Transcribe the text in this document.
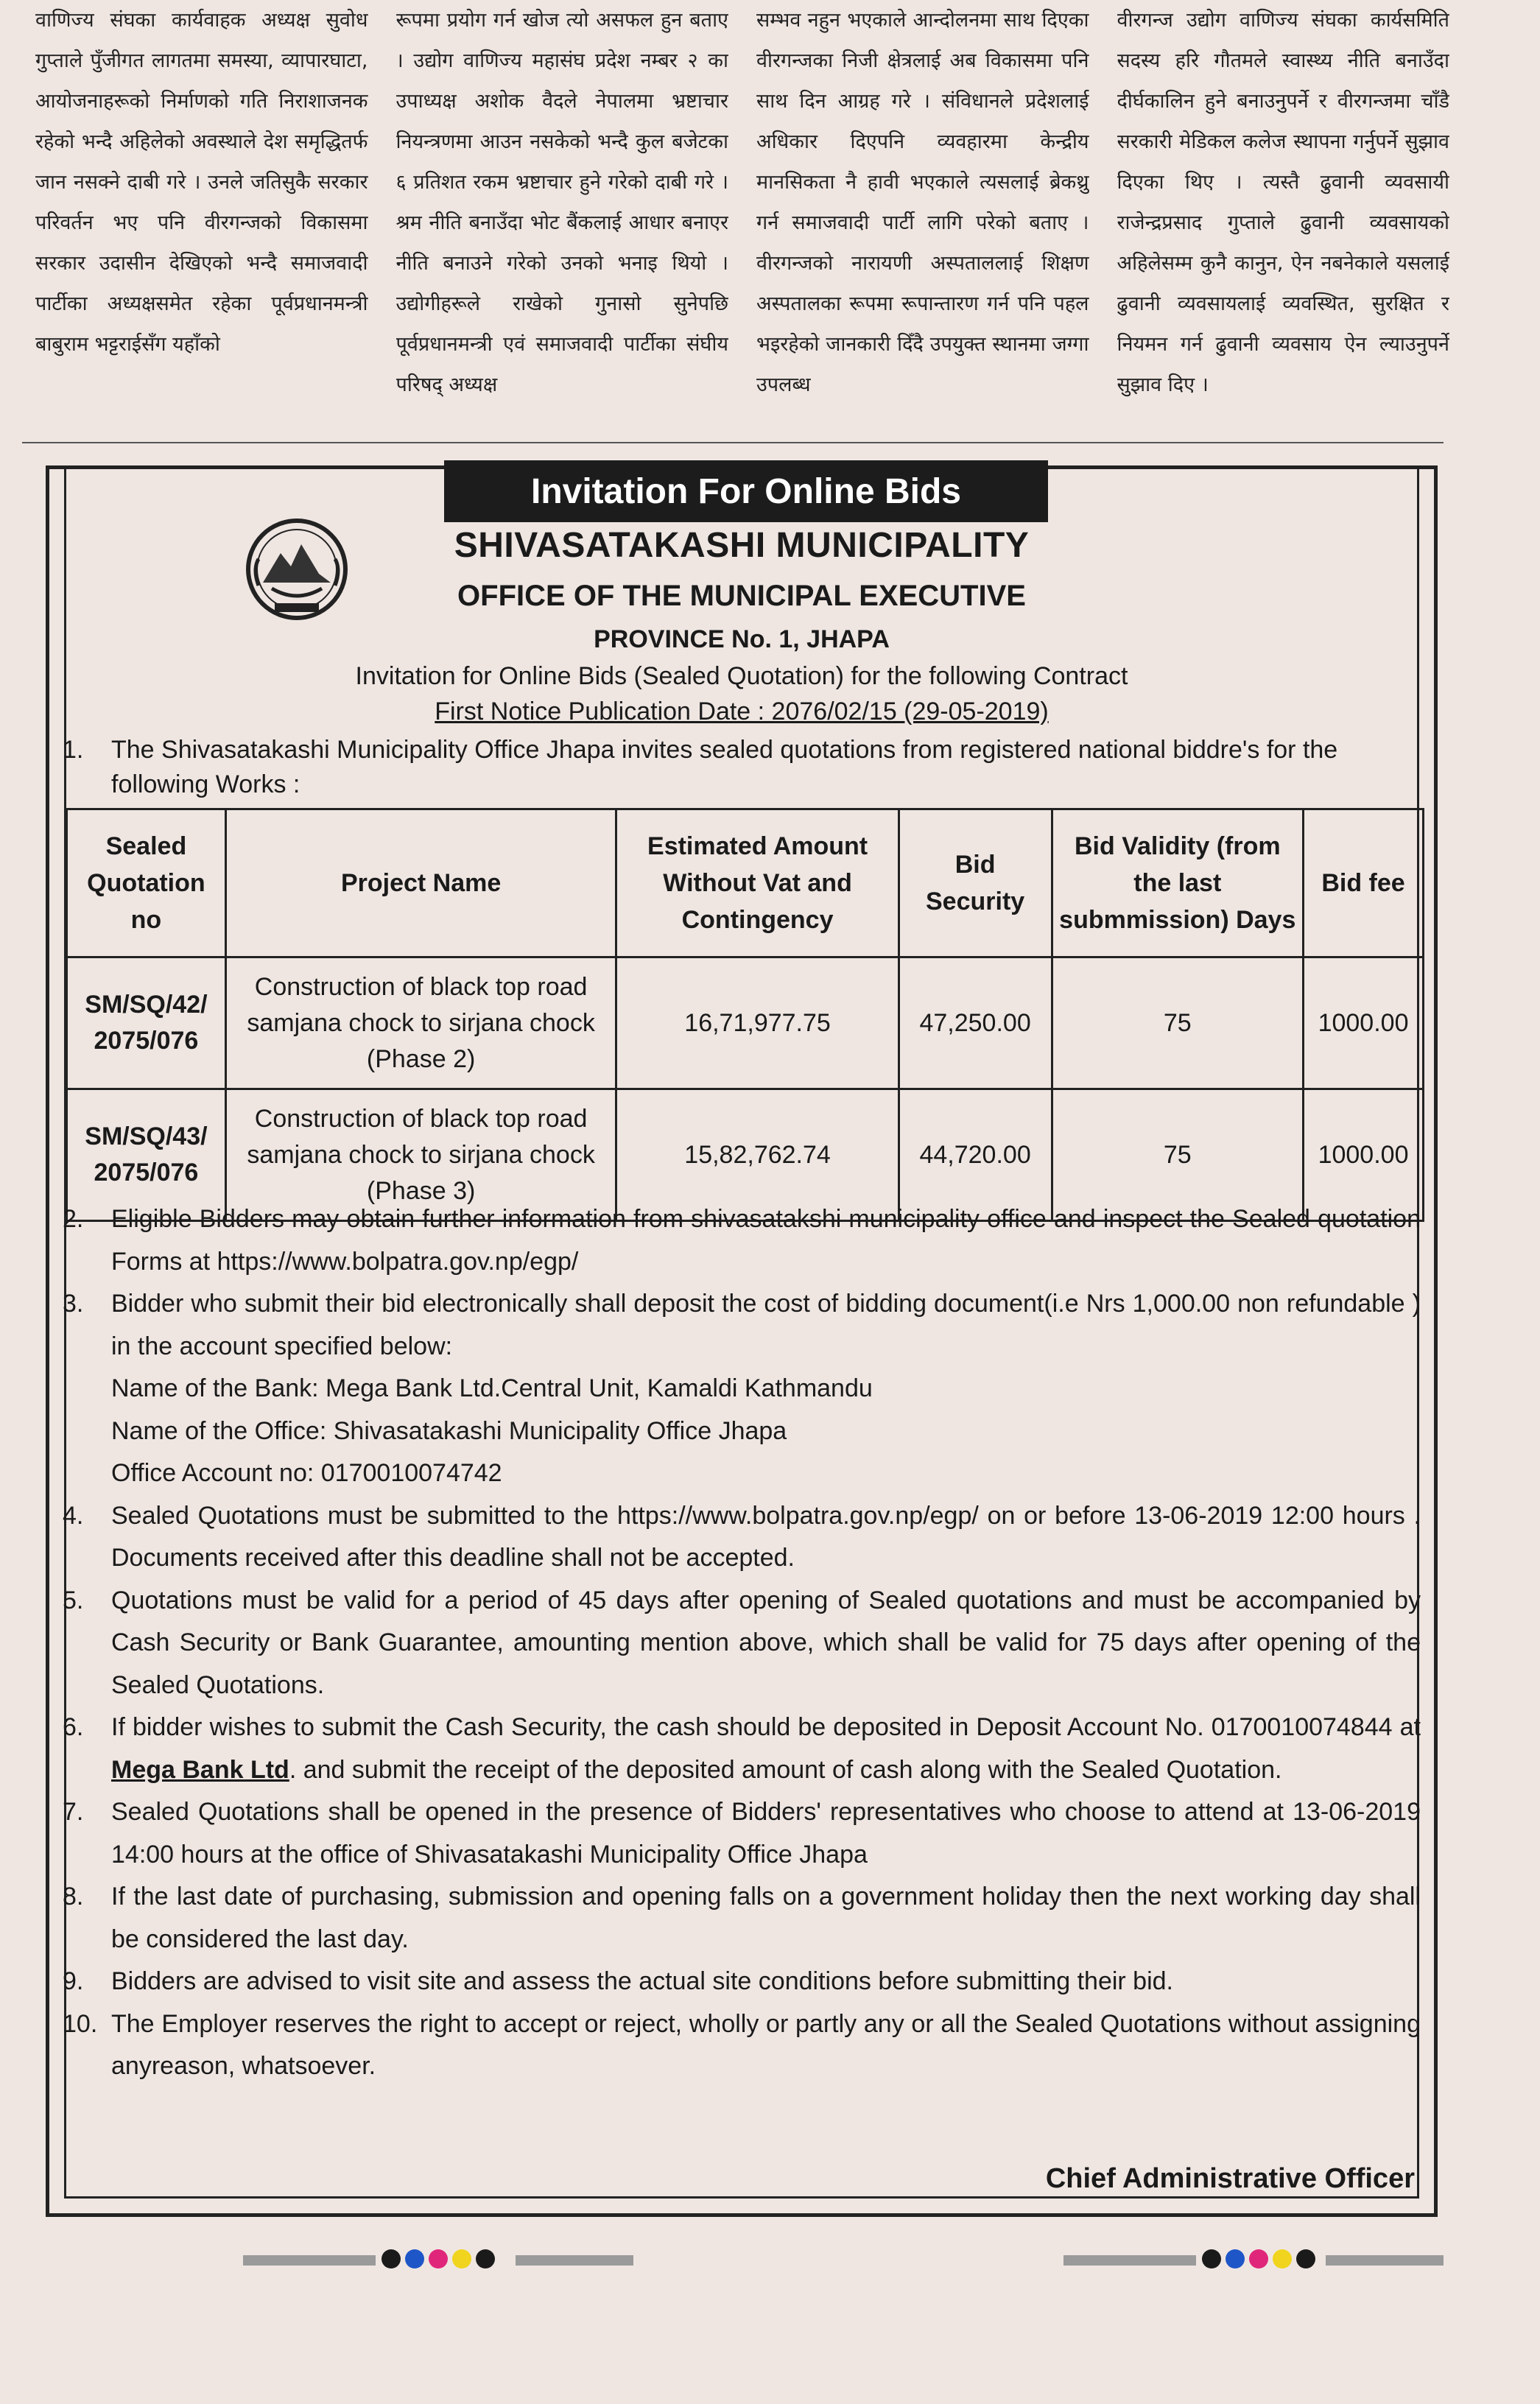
वाणिज्य संघका कार्यवाहक अध्यक्ष सुवोध गुप्ताले पुँजीगत लागतमा समस्या, व्यापारघाटा, आयोजनाहरूको निर्माणको गति निराशाजनक रहेको भन्दै अहिलेको अवस्थाले देश समृद्धितर्फ जान नसक्ने दाबी गरे । उनले जतिसुकै सरकार परिवर्तन भए पनि वीरगन्जको विकासमा सरकार उदासीन देखिएको भन्दै समाजवादी पार्टीका अध्यक्षसमेत रहेका पूर्वप्रधानमन्त्री बाबुराम भट्टराईसँग यहाँको

रूपमा प्रयोग गर्न खोज त्यो असफल हुन बताए । उद्योग वाणिज्य महासंघ प्रदेश नम्बर २ का उपाध्यक्ष अशोक वैदले नेपालमा भ्रष्टाचार नियन्त्रणमा आउन नसकेको भन्दै कुल बजेटका ६ प्रतिशत रकम भ्रष्टाचार हुने गरेको दाबी गरे । श्रम नीति बनाउँदा भोट बैंकलाई आधार बनाएर नीति बनाउने गरेको उनको भनाइ थियो । उद्योगीहरूले राखेको गुनासो सुनेपछि पूर्वप्रधानमन्त्री एवं समाजवादी पार्टीका संघीय परिषद् अध्यक्ष

सम्भव नहुन भएकाले आन्दोलनमा साथ दिएका वीरगन्जका निजी क्षेत्रलाई अब विकासमा पनि साथ दिन आग्रह गरे । संविधानले प्रदेशलाई अधिकार दिएपनि व्यवहारमा केन्द्रीय मानसिकता नै हावी भएकाले त्यसलाई ब्रेकथ्रु गर्न समाजवादी पार्टी लागि परेको बताए । वीरगन्जको नारायणी अस्पताललाई शिक्षण अस्पतालका रूपमा रूपान्तारण गर्न पनि पहल भइरहेको जानकारी दिँदै उपयुक्त स्थानमा जग्गा उपलब्ध

वीरगन्ज उद्योग वाणिज्य संघका कार्यसमिति सदस्य हरि गौतमले स्वास्थ्य नीति बनाउँदा दीर्घकालिन हुने बनाउनुपर्ने र वीरगन्जमा चाँडै सरकारी मेडिकल कलेज स्थापना गर्नुपर्ने सुझाव दिएका थिए । त्यस्तै ढुवानी व्यवसायी राजेन्द्रप्रसाद गुप्ताले ढुवानी व्यवसायको अहिलेसम्म कुनै कानुन, ऐन नबनेकाले यसलाई ढुवानी व्यवसायलाई व्यवस्थित, सुरक्षित र नियमन गर्न ढुवानी व्यवसाय ऐन ल्याउनुपर्ने सुझाव दिए ।

Invitation For Online Bids
SHIVASATAKASHI MUNICIPALITY
OFFICE OF THE MUNICIPAL EXECUTIVE
PROVINCE No. 1, JHAPA
Invitation for Online Bids (Sealed Quotation) for the following Contract
First Notice Publication Date : 2076/02/15 (29-05-2019)
1.	The Shivasatakashi Municipality Office Jhapa invites sealed quotations from registered national biddre's for the following Works :
Sealed Quotation no	Project Name	Estimated Amount Without Vat and Contingency	Bid Security	Bid Validity (from the last submmission) Days	Bid fee
SM/SQ/42/ 2075/076	Construction of black top road samjana chock to sirjana chock (Phase 2)	16,71,977.75	47,250.00	75	1000.00
SM/SQ/43/ 2075/076	Construction of black top road samjana chock to sirjana chock (Phase 3)	15,82,762.74	44,720.00	75	1000.00
2.	Eligible Bidders may obtain further information from shivasatakshi municipality office and inspect the Sealed quotation Forms at https://www.bolpatra.gov.np/egp/
3.	Bidder who submit their bid electronically shall deposit the cost of bidding document(i.e Nrs 1,000.00 non refundable ) in the account specified below:
Name of the Bank: Mega Bank Ltd.Central Unit, Kamaldi Kathmandu
Name of the Office: Shivasatakashi Municipality Office Jhapa
Office Account no: 0170010074742
4.	Sealed Quotations must be submitted to the https://www.bolpatra.gov.np/egp/ on or before 13-06-2019 12:00 hours . Documents received after this deadline shall not be accepted.
5.	Quotations must be valid for a period of 45 days after opening of Sealed quotations and must be accompanied by Cash Security or Bank Guarantee, amounting mention above, which shall be valid for 75 days after opening of the Sealed Quotations.
6.	If bidder wishes to submit the Cash Security, the cash should be deposited in Deposit Account No. 0170010074844 at Mega Bank Ltd. and submit the receipt of the deposited amount of cash along with the Sealed Quotation.
7.	Sealed Quotations shall be opened in the presence of Bidders' representatives who choose to attend at 13-06-2019 14:00 hours at the office of Shivasatakashi Municipality Office Jhapa
8.	If the last date of purchasing, submission and opening falls on a government holiday then the next working day shall be considered the last day.
9.	Bidders are advised to visit site and assess the actual site conditions before submitting their bid.
10. The Employer reserves the right to accept or reject, wholly or partly any or all the Sealed Quotations without assigning anyreason, whatsoever.
Chief Administrative Officer
